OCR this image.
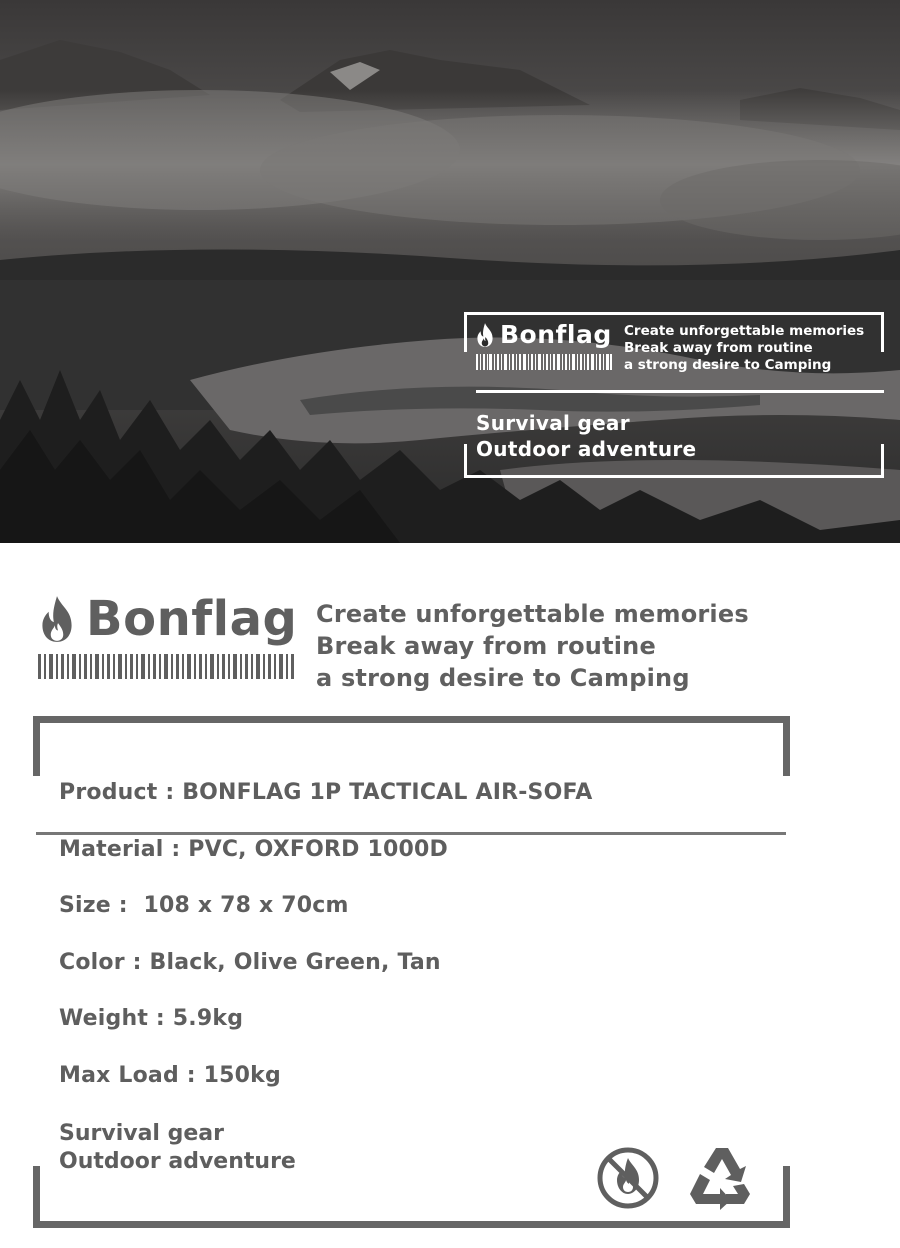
Bonflag Create unforgettable memories
Break away from routine
a strong desire to Camping
Survival gear
Outdoor adventure
Bonflag Create unforgettable memories
Break away from routine
a strong desire to Camping
Product : BONFLAG 1P TACTICAL AIR-SOFA
Material : PVC, OXFORD 1000D
Size :  108 x 78 x 70cm
Color : Black, Olive Green, Tan
Weight : 5.9kg
Max Load : 150kg
Survival gear
Outdoor adventure
